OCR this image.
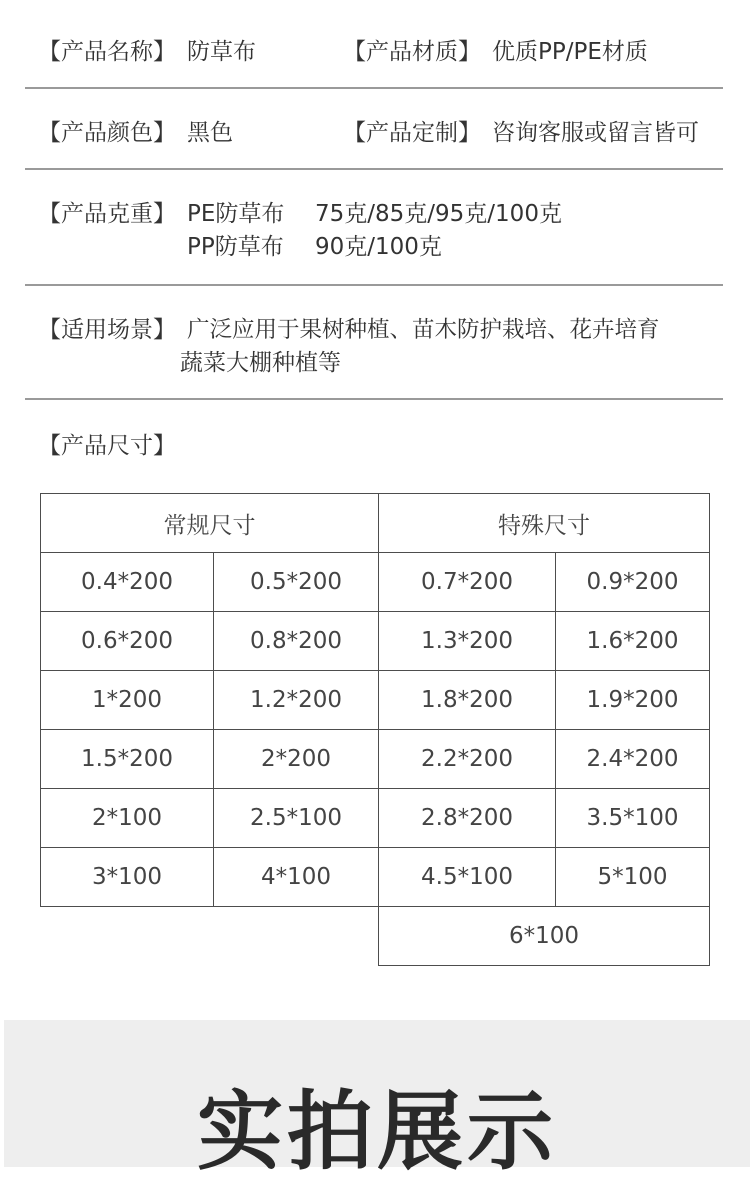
【产品名称】 防草布	【产品材质】 优质PP/PE材质
【产品颜色】 黑色	【产品定制】 咨询客服或留言皆可
【产品克重】 PE防草布 75克/85克/95克/100克
PP防草布 90克/100克
【适用场景】 广泛应用于果树种植、苗木防护栽培、花卉培育
蔬菜大棚种植等
【产品尺寸】
常规尺寸		特殊尺寸	
0.4*200	0.5*200	0.7*200	0.9*200
0.6*200	0.8*200	1.3*200	1.6*200
1*200	1.2*200	1.8*200	1.9*200
1.5*200	2*200	2.2*200	2.4*200
2*100	2.5*100	2.8*200	3.5*100
3*100	4*100	4.5*100	5*100
		6*100	
实拍展示
